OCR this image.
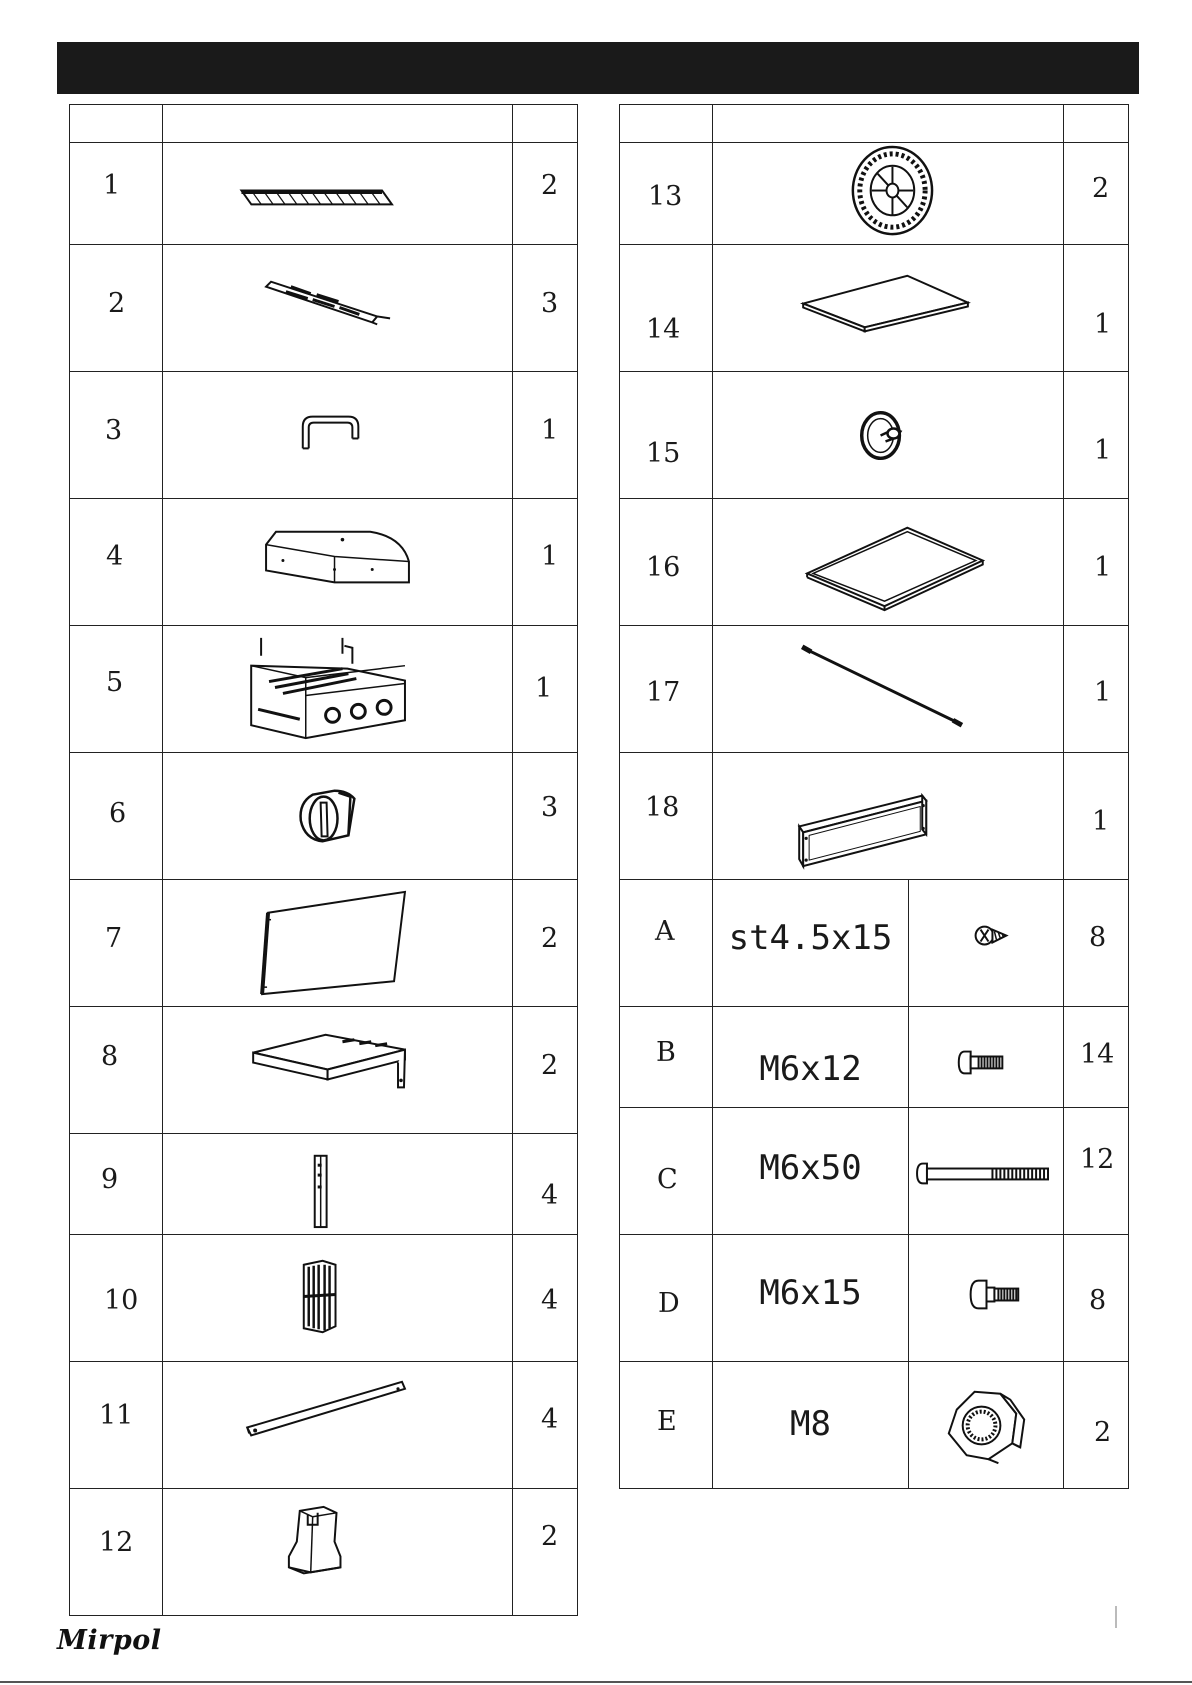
1		2

2		3

3		1

4		1

5		1

6		3

7		2

8		2

9		4

10		4

11		4

12		2

13			2

14			1

15			1

16			1

17			1

18			1

A	st4.5x15		8

B	M6x12		14

C	M6x50		12

D	M6x15		8

E	M8		2
Mirpol
